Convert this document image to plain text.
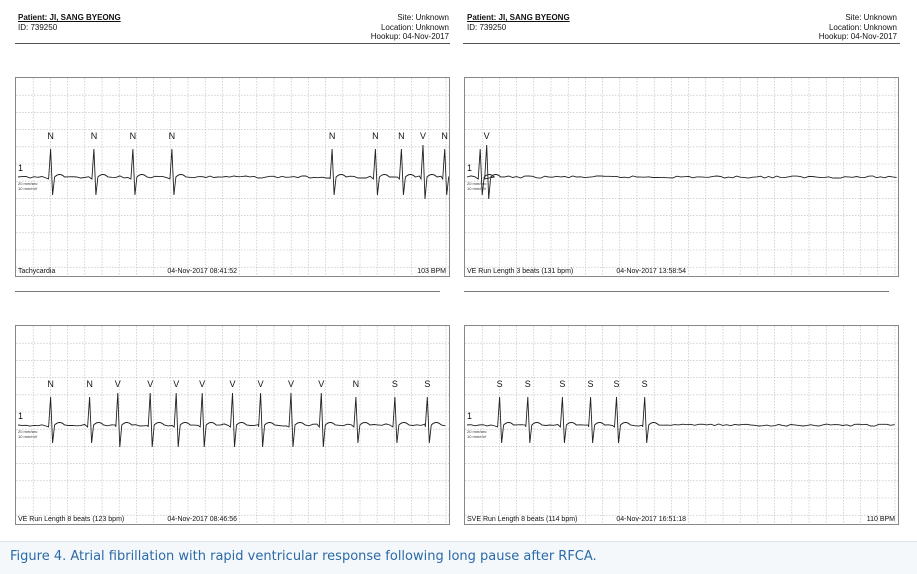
Patient: JI, SANG BYEONG
ID: 739250
Site: Unknown
Location: Unknown
Hookup: 04-Nov-2017
Patient: JI, SANG BYEONG
ID: 739250
Site: Unknown
Location: Unknown
Hookup: 04-Nov-2017
N	N	N	N	N	N N V N
1
20 mm/sec
10 mm/mV
Tachycardia	04-Nov-2017 08:41:52	103 BPM
V
1
20 mm/sec
10 mm/mV
VE Run Length 3 beats (131 bpm)	04-Nov-2017 13:58:54
N	N V	V V V	V V	V	V	N	S	S
1
20 mm/sec
10 mm/mV
VE Run Length 8 beats (123 bpm)	04-Nov-2017 08:46:56
S S	S S S S
1
20 mm/sec
10 mm/mV
SVE Run Length 8 beats (114 bpm)	04-Nov-2017 16:51:18	110 BPM
Figure 4. Atrial fibrillation with rapid ventricular response following long pause after RFCA.
